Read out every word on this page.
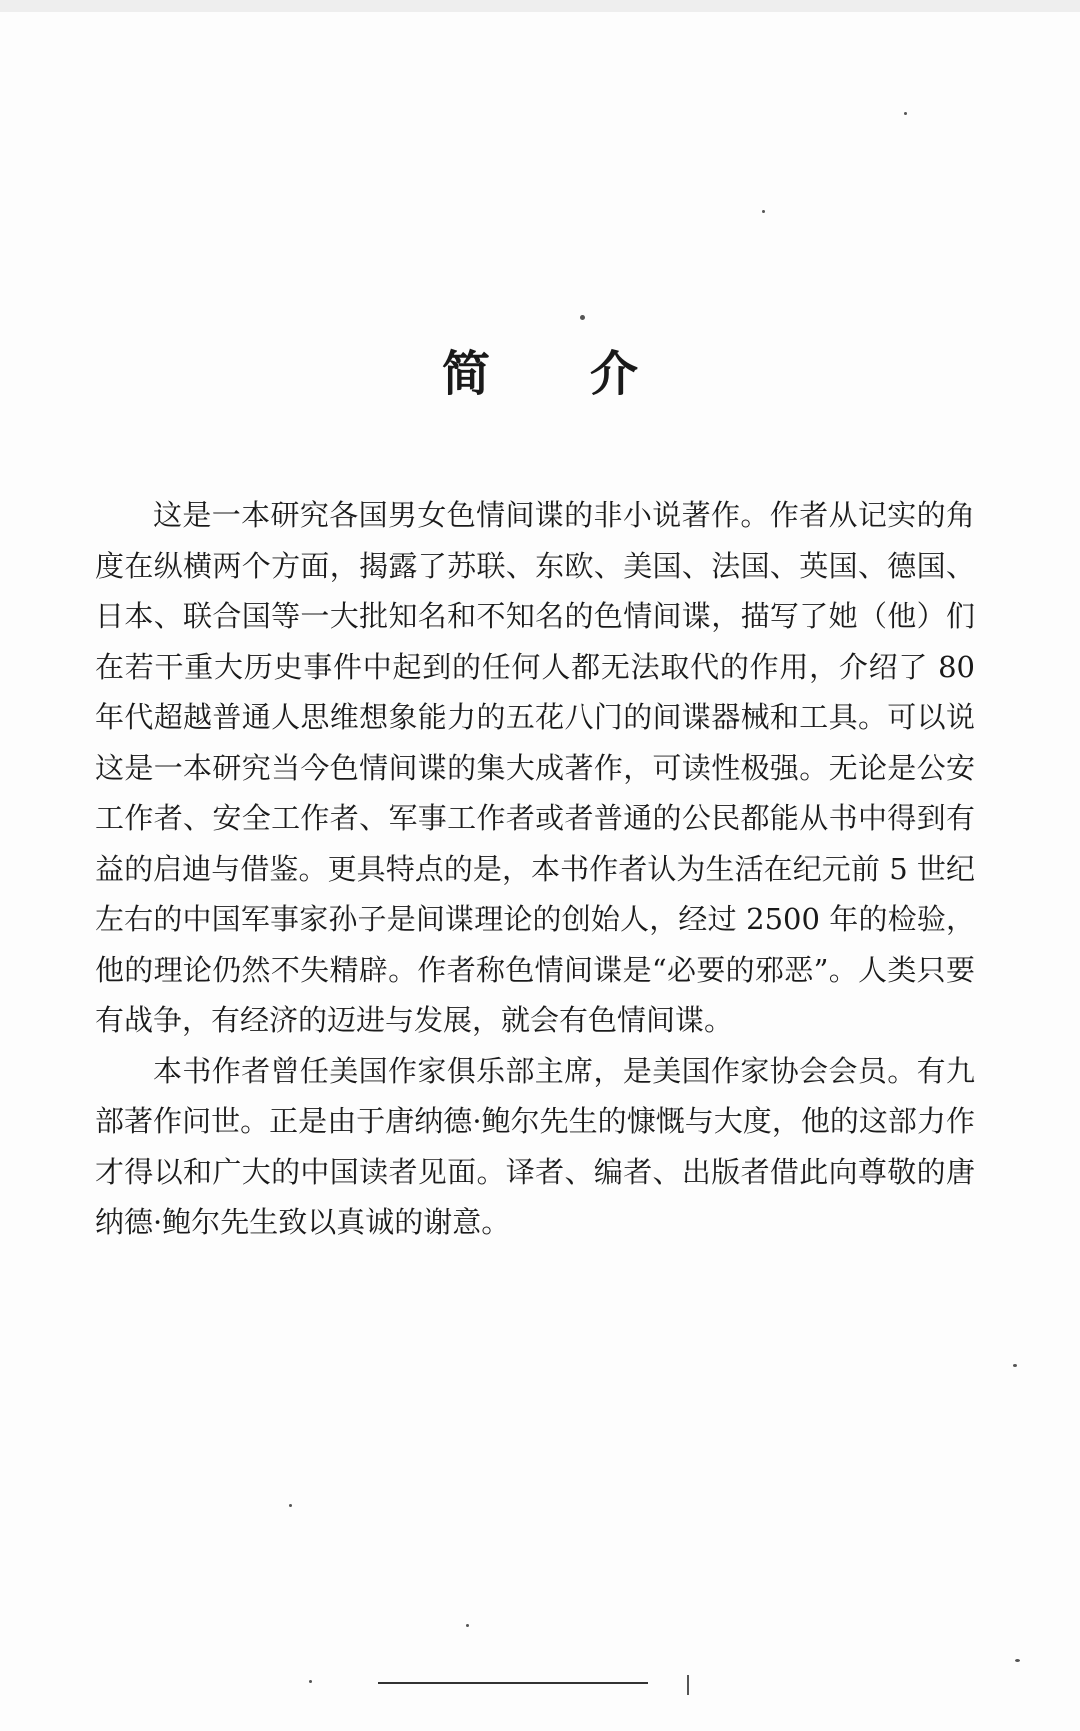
简介

这是一本研究各国男女色情间谍的非小说著作。作者从记实的角度在纵横两个方面，揭露了苏联、东欧、美国、法国、英国、德国、日本、联合国等一大批知名和不知名的色情间谍，描写了她（他）们在若干重大历史事件中起到的任何人都无法取代的作用，介绍了 80 年代超越普通人思维想象能力的五花八门的间谍器械和工具。可以说这是一本研究当今色情间谍的集大成著作，可读性极强。无论是公安工作者、安全工作者、军事工作者或者普通的公民都能从书中得到有益的启迪与借鉴。更具特点的是，本书作者认为生活在纪元前 5 世纪左右的中国军事家孙子是间谍理论的创始人，经过 2500 年的检验，他的理论仍然不失精辟。作者称色情间谍是“必要的邪恶”。人类只要有战争，有经济的迈进与发展，就会有色情间谍。

本书作者曾任美国作家俱乐部主席，是美国作家协会会员。有九部著作问世。正是由于唐纳德·鲍尔先生的慷慨与大度，他的这部力作才得以和广大的中国读者见面。译者、编者、出版者借此向尊敬的唐纳德·鲍尔先生致以真诚的谢意。
